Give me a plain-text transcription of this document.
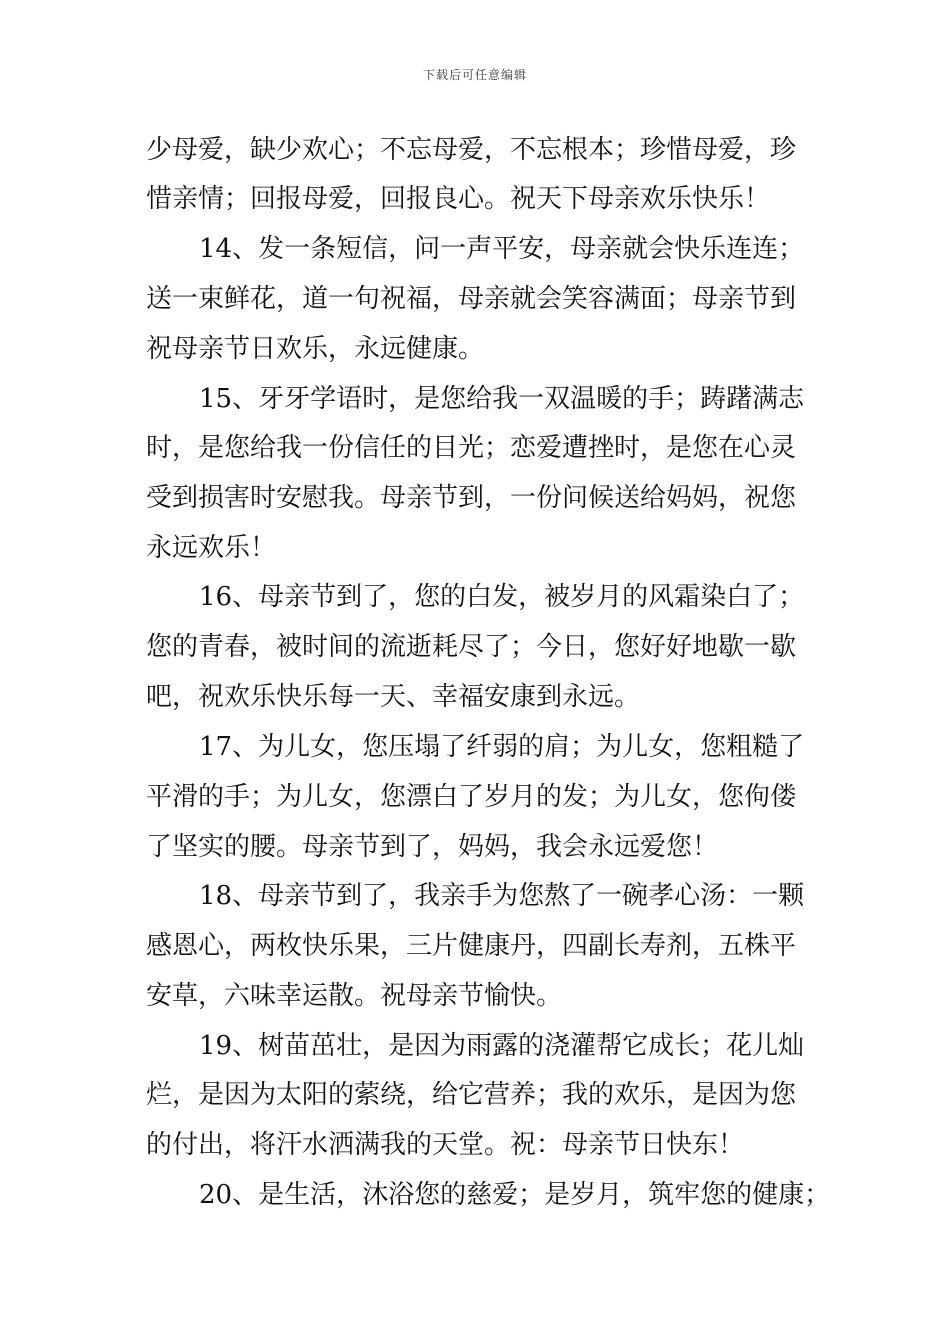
下载后可任意编辑
少母爱，缺少欢心；不忘母爱，不忘根本；珍惜母爱，珍
惜亲情；回报母爱，回报良心。祝天下母亲欢乐快乐！
14、发一条短信，问一声平安，母亲就会快乐连连；
送一束鲜花，道一句祝福，母亲就会笑容满面；母亲节到
祝母亲节日欢乐，永远健康。
15、牙牙学语时，是您给我一双温暖的手；踌躇满志
时，是您给我一份信任的目光；恋爱遭挫时，是您在心灵
受到损害时安慰我。母亲节到，一份问候送给妈妈，祝您
永远欢乐！
16、母亲节到了，您的白发，被岁月的风霜染白了；
您的青春，被时间的流逝耗尽了；今日，您好好地歇一歇
吧，祝欢乐快乐每一天、幸福安康到永远。
17、为儿女，您压塌了纤弱的肩；为儿女，您粗糙了
平滑的手；为儿女，您漂白了岁月的发；为儿女，您佝偻
了坚实的腰。母亲节到了，妈妈，我会永远爱您！
18、母亲节到了，我亲手为您熬了一碗孝心汤：一颗
感恩心，两枚快乐果，三片健康丹，四副长寿剂，五株平
安草，六味幸运散。祝母亲节愉快。
19、树苗茁壮，是因为雨露的浇灌帮它成长；花儿灿
烂，是因为太阳的萦绕，给它营养；我的欢乐，是因为您
的付出，将汗水洒满我的天堂。祝：母亲节日快东！
20、是生活，沐浴您的慈爱；是岁月，筑牢您的健康；
